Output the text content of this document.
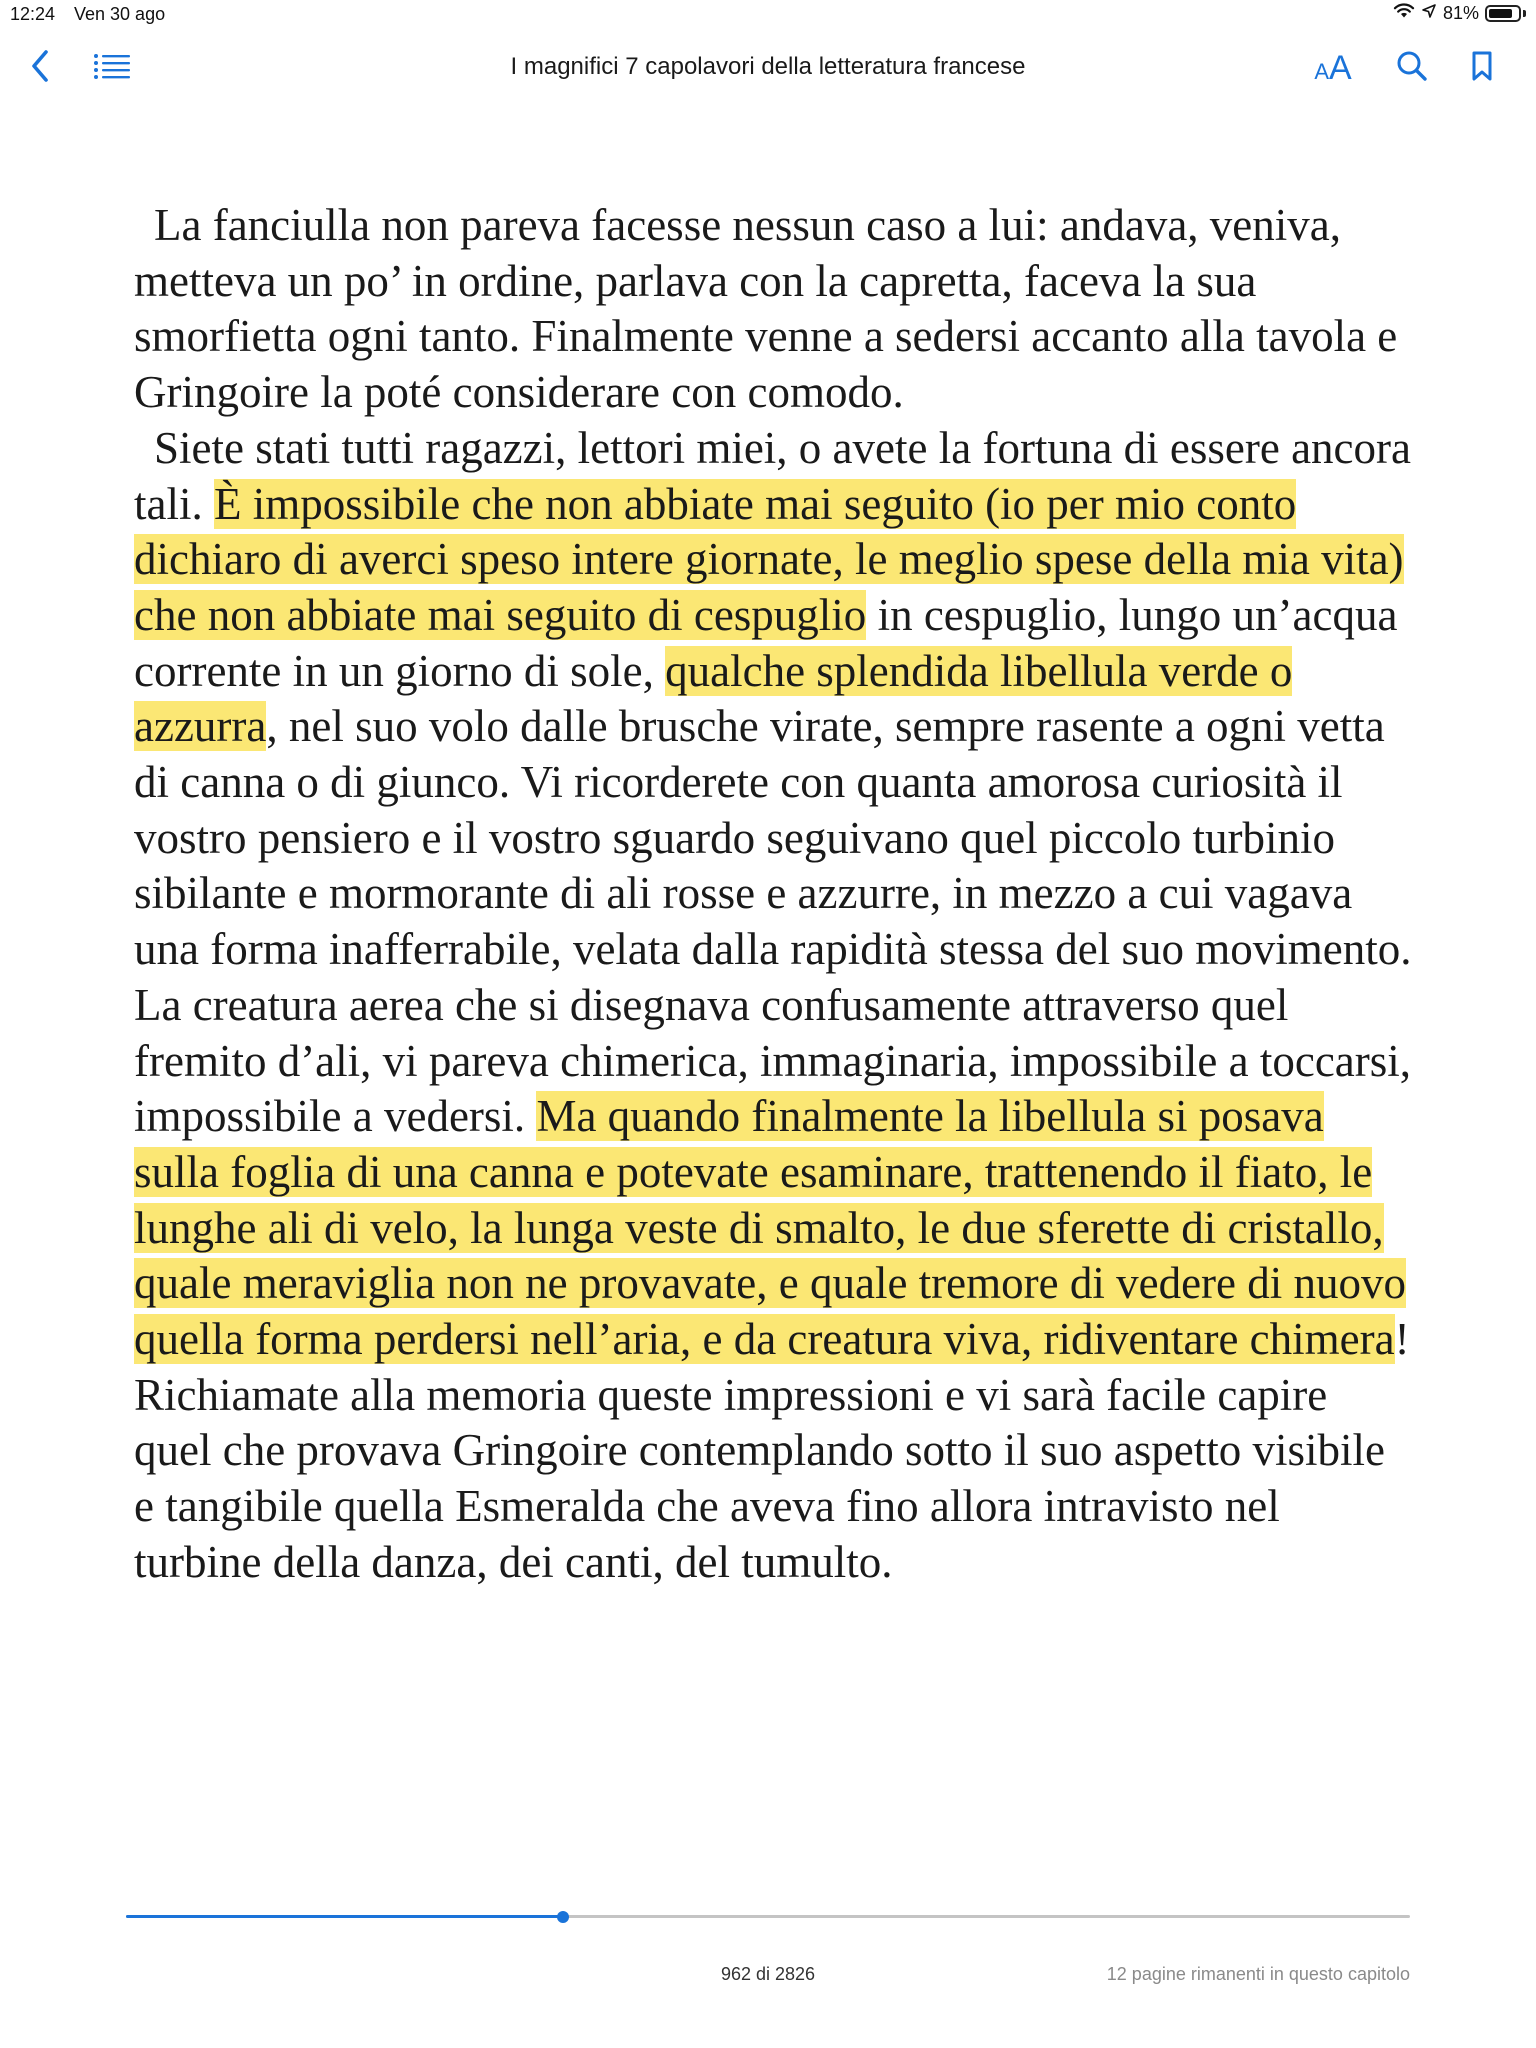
12:24 Ven 30 ago	81%
I magnifici 7 capolavori della letteratura francese	AA

La fanciulla non pareva facesse nessun caso a lui: andava, veniva, metteva un po’ in ordine, parlava con la capretta, faceva la sua smorfietta ogni tanto. Finalmente venne a sedersi accanto alla tavola e Gringoire la poté considerare con comodo.

Siete stati tutti ragazzi, lettori miei, o avete la fortuna di essere ancora tali. È impossibile che non abbiate mai seguito (io per mio conto dichiaro di averci speso intere giornate, le meglio spese della mia vita) che non abbiate mai seguito di cespuglio in cespuglio, lungo un’acqua corrente in un giorno di sole, qualche splendida libellula verde o azzurra, nel suo volo dalle brusche virate, sempre rasente a ogni vetta di canna o di giunco. Vi ricorderete con quanta amorosa curiosità il vostro pensiero e il vostro sguardo seguivano quel piccolo turbinio sibilante e mormorante di ali rosse e azzurre, in mezzo a cui vagava una forma inafferrabile, velata dalla rapidità stessa del suo movimento. La creatura aerea che si disegnava confusamente attraverso quel fremito d’ali, vi pareva chimerica, immaginaria, impossibile a toccarsi, impossibile a vedersi. Ma quando finalmente la libellula si posava sulla foglia di una canna e potevate esaminare, trattenendo il fiato, le lunghe ali di velo, la lunga veste di smalto, le due sferette di cristallo, quale meraviglia non ne provavate, e quale tremore di vedere di nuovo quella forma perdersi nell’aria, e da creatura viva, ridiventare chimera! Richiamate alla memoria queste impressioni e vi sarà facile capire quel che provava Gringoire contemplando sotto il suo aspetto visibile e tangibile quella Esmeralda che aveva fino allora intravisto nel turbine della danza, dei canti, del tumulto.

962 di 2826	12 pagine rimanenti in questo capitolo
